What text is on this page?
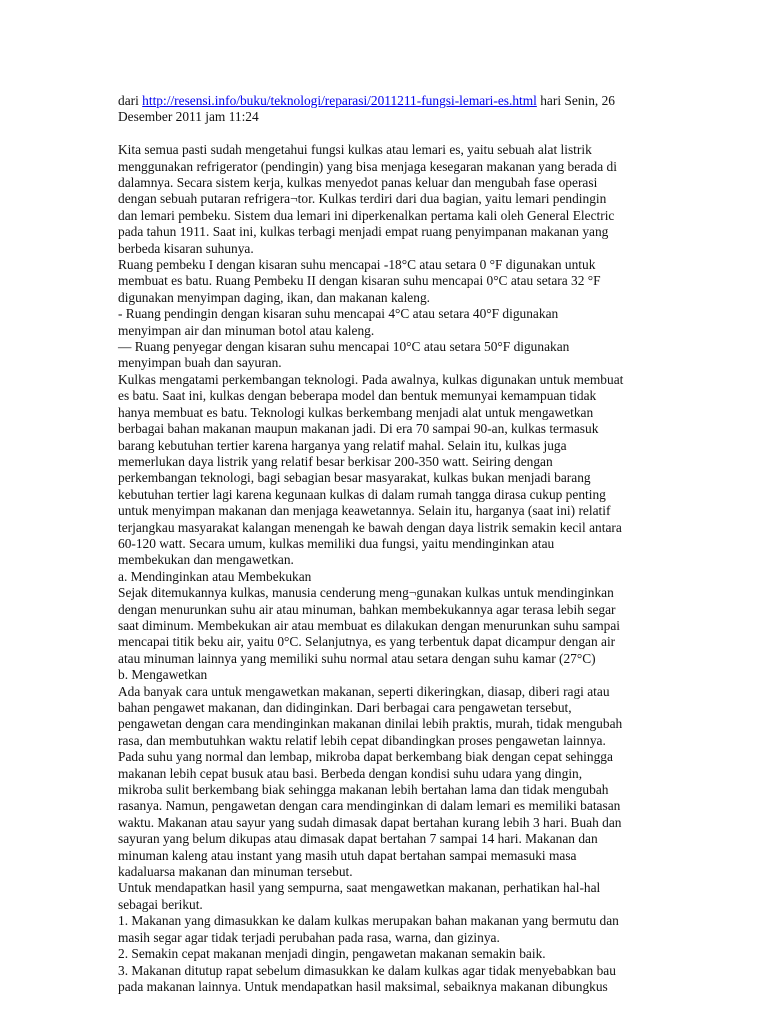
dari http://resensi.info/buku/teknologi/reparasi/2011211-fungsi-lemari-es.html hari Senin, 26
Desember 2011 jam 11:24

Kita semua pasti sudah mengetahui fungsi kulkas atau lemari es, yaitu sebuah alat listrik
menggunakan refrigerator (pendingin) yang bisa menjaga kesegaran makanan yang berada di
dalamnya. Secara sistem kerja, kulkas menyedot panas keluar dan mengubah fase operasi
dengan sebuah putaran refrigera¬tor. Kulkas terdiri dari dua bagian, yaitu lemari pendingin
dan lemari pembeku. Sistem dua lemari ini diperkenalkan pertama kali oleh General Electric
pada tahun 1911. Saat ini, kulkas terbagi menjadi empat ruang penyimpanan makanan yang
berbeda kisaran suhunya.

Ruang pembeku I dengan kisaran suhu mencapai -18°C atau setara 0 °F digunakan untuk
membuat es batu. Ruang Pembeku II dengan kisaran suhu mencapai 0°C atau setara 32 °F
digunakan menyimpan daging, ikan, dan makanan kaleng.

- Ruang pendingin dengan kisaran suhu mencapai 4°C atau setara 40°F digunakan
menyimpan air dan minuman botol atau kaleng.

— Ruang penyegar dengan kisaran suhu mencapai 10°C atau setara 50°F digunakan
menyimpan buah dan sayuran.

Kulkas mengatami perkembangan teknologi. Pada awalnya, kulkas digunakan untuk membuat
es batu. Saat ini, kulkas dengan beberapa model dan bentuk memunyai kemampuan tidak
hanya membuat es batu. Teknologi kulkas berkembang menjadi alat untuk mengawetkan
berbagai bahan makanan maupun makanan jadi. Di era 70 sampai 90-an, kulkas termasuk
barang kebutuhan tertier karena harganya yang relatif mahal. Selain itu, kulkas juga
memerlukan daya listrik yang relatif besar berkisar 200-350 watt. Seiring dengan
perkembangan teknologi, bagi sebagian besar masyarakat, kulkas bukan menjadi barang
kebutuhan tertier lagi karena kegunaan kulkas di dalam rumah tangga dirasa cukup penting
untuk menyimpan makanan dan menjaga keawetannya. Selain itu, harganya (saat ini) relatif
terjangkau masyarakat kalangan menengah ke bawah dengan daya listrik semakin kecil antara
60-120 watt. Secara umum, kulkas memiliki dua fungsi, yaitu mendinginkan atau
membekukan dan mengawetkan.

a. Mendinginkan atau Membekukan

Sejak ditemukannya kulkas, manusia cenderung meng¬gunakan kulkas untuk mendinginkan
dengan menurunkan suhu air atau minuman, bahkan membekukannya agar terasa lebih segar
saat diminum. Membekukan air atau membuat es dilakukan dengan menurunkan suhu sampai
mencapai titik beku air, yaitu 0°C. Selanjutnya, es yang terbentuk dapat dicampur dengan air
atau minuman lainnya yang memiliki suhu normal atau setara dengan suhu kamar (27°C)

b. Mengawetkan

Ada banyak cara untuk mengawetkan makanan, seperti dikeringkan, diasap, diberi ragi atau
bahan pengawet makanan, dan didinginkan. Dari berbagai cara pengawetan tersebut,
pengawetan dengan cara mendinginkan makanan dinilai lebih praktis, murah, tidak mengubah
rasa, dan membutuhkan waktu relatif lebih cepat dibandingkan proses pengawetan lainnya.
Pada suhu yang normal dan lembap, mikroba dapat berkembang biak dengan cepat sehingga
makanan lebih cepat busuk atau basi. Berbeda dengan kondisi suhu udara yang dingin,
mikroba sulit berkembang biak sehingga makanan lebih bertahan lama dan tidak mengubah
rasanya. Namun, pengawetan dengan cara mendinginkan di dalam lemari es memiliki batasan
waktu. Makanan atau sayur yang sudah dimasak dapat bertahan kurang lebih 3 hari. Buah dan
sayuran yang belum dikupas atau dimasak dapat bertahan 7 sampai 14 hari. Makanan dan
minuman kaleng atau instant yang masih utuh dapat bertahan sampai memasuki masa
kadaluarsa makanan dan minuman tersebut.

Untuk mendapatkan hasil yang sempurna, saat mengawetkan makanan, perhatikan hal-hal
sebagai berikut.

1. Makanan yang dimasukkan ke dalam kulkas merupakan bahan makanan yang bermutu dan
masih segar agar tidak terjadi perubahan pada rasa, warna, dan gizinya.

2. Semakin cepat makanan menjadi dingin, pengawetan makanan semakin baik.

3. Makanan ditutup rapat sebelum dimasukkan ke dalam kulkas agar tidak menyebabkan bau
pada makanan lainnya. Untuk mendapatkan hasil maksimal, sebaiknya makanan dibungkus
